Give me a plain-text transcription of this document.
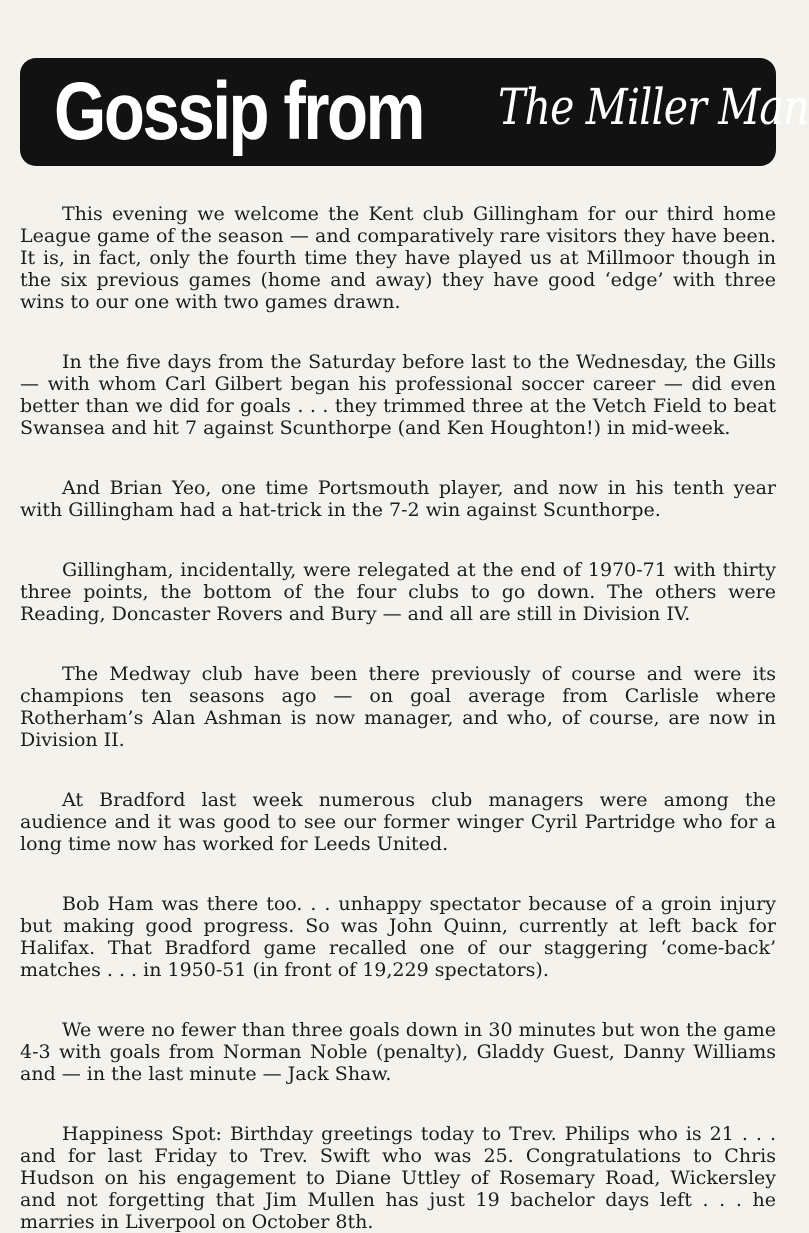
Gossip from The Miller Man

This evening we welcome the Kent club Gillingham for our third home League game of the season — and comparatively rare visitors they have been. It is, in fact, only the fourth time they have played us at Millmoor though in the six previous games (home and away) they have good ‘edge’ with three wins to our one with two games drawn.

In the five days from the Saturday before last to the Wednesday, the Gills — with whom Carl Gilbert began his professional soccer career — did even better than we did for goals . . . they trimmed three at the Vetch Field to beat Swansea and hit 7 against Scunthorpe (and Ken Houghton!) in mid-week.

And Brian Yeo, one time Portsmouth player, and now in his tenth year with Gillingham had a hat-trick in the 7-2 win against Scunthorpe.

Gillingham, incidentally, were relegated at the end of 1970-71 with thirty three points, the bottom of the four clubs to go down. The others were Reading, Doncaster Rovers and Bury — and all are still in Division IV.

The Medway club have been there previously of course and were its champions ten seasons ago — on goal average from Carlisle where Rotherham’s Alan Ashman is now manager, and who, of course, are now in Division II.

At Bradford last week numerous club managers were among the audience and it was good to see our former winger Cyril Partridge who for a long time now has worked for Leeds United.

Bob Ham was there too. . . unhappy spectator because of a groin injury but making good progress. So was John Quinn, currently at left back for Halifax. That Bradford game recalled one of our staggering ‘come-back’ matches . . . in 1950-51 (in front of 19,229 spectators).

We were no fewer than three goals down in 30 minutes but won the game 4-3 with goals from Norman Noble (penalty), Gladdy Guest, Danny Williams and — in the last minute — Jack Shaw.

Happiness Spot: Birthday greetings today to Trev. Philips who is 21 . . . and for last Friday to Trev. Swift who was 25. Congratulations to Chris Hudson on his engagement to Diane Uttley of Rosemary Road, Wickersley and not forgetting that Jim Mullen has just 19 bachelor days left . . . he marries in Liverpool on October 8th.
